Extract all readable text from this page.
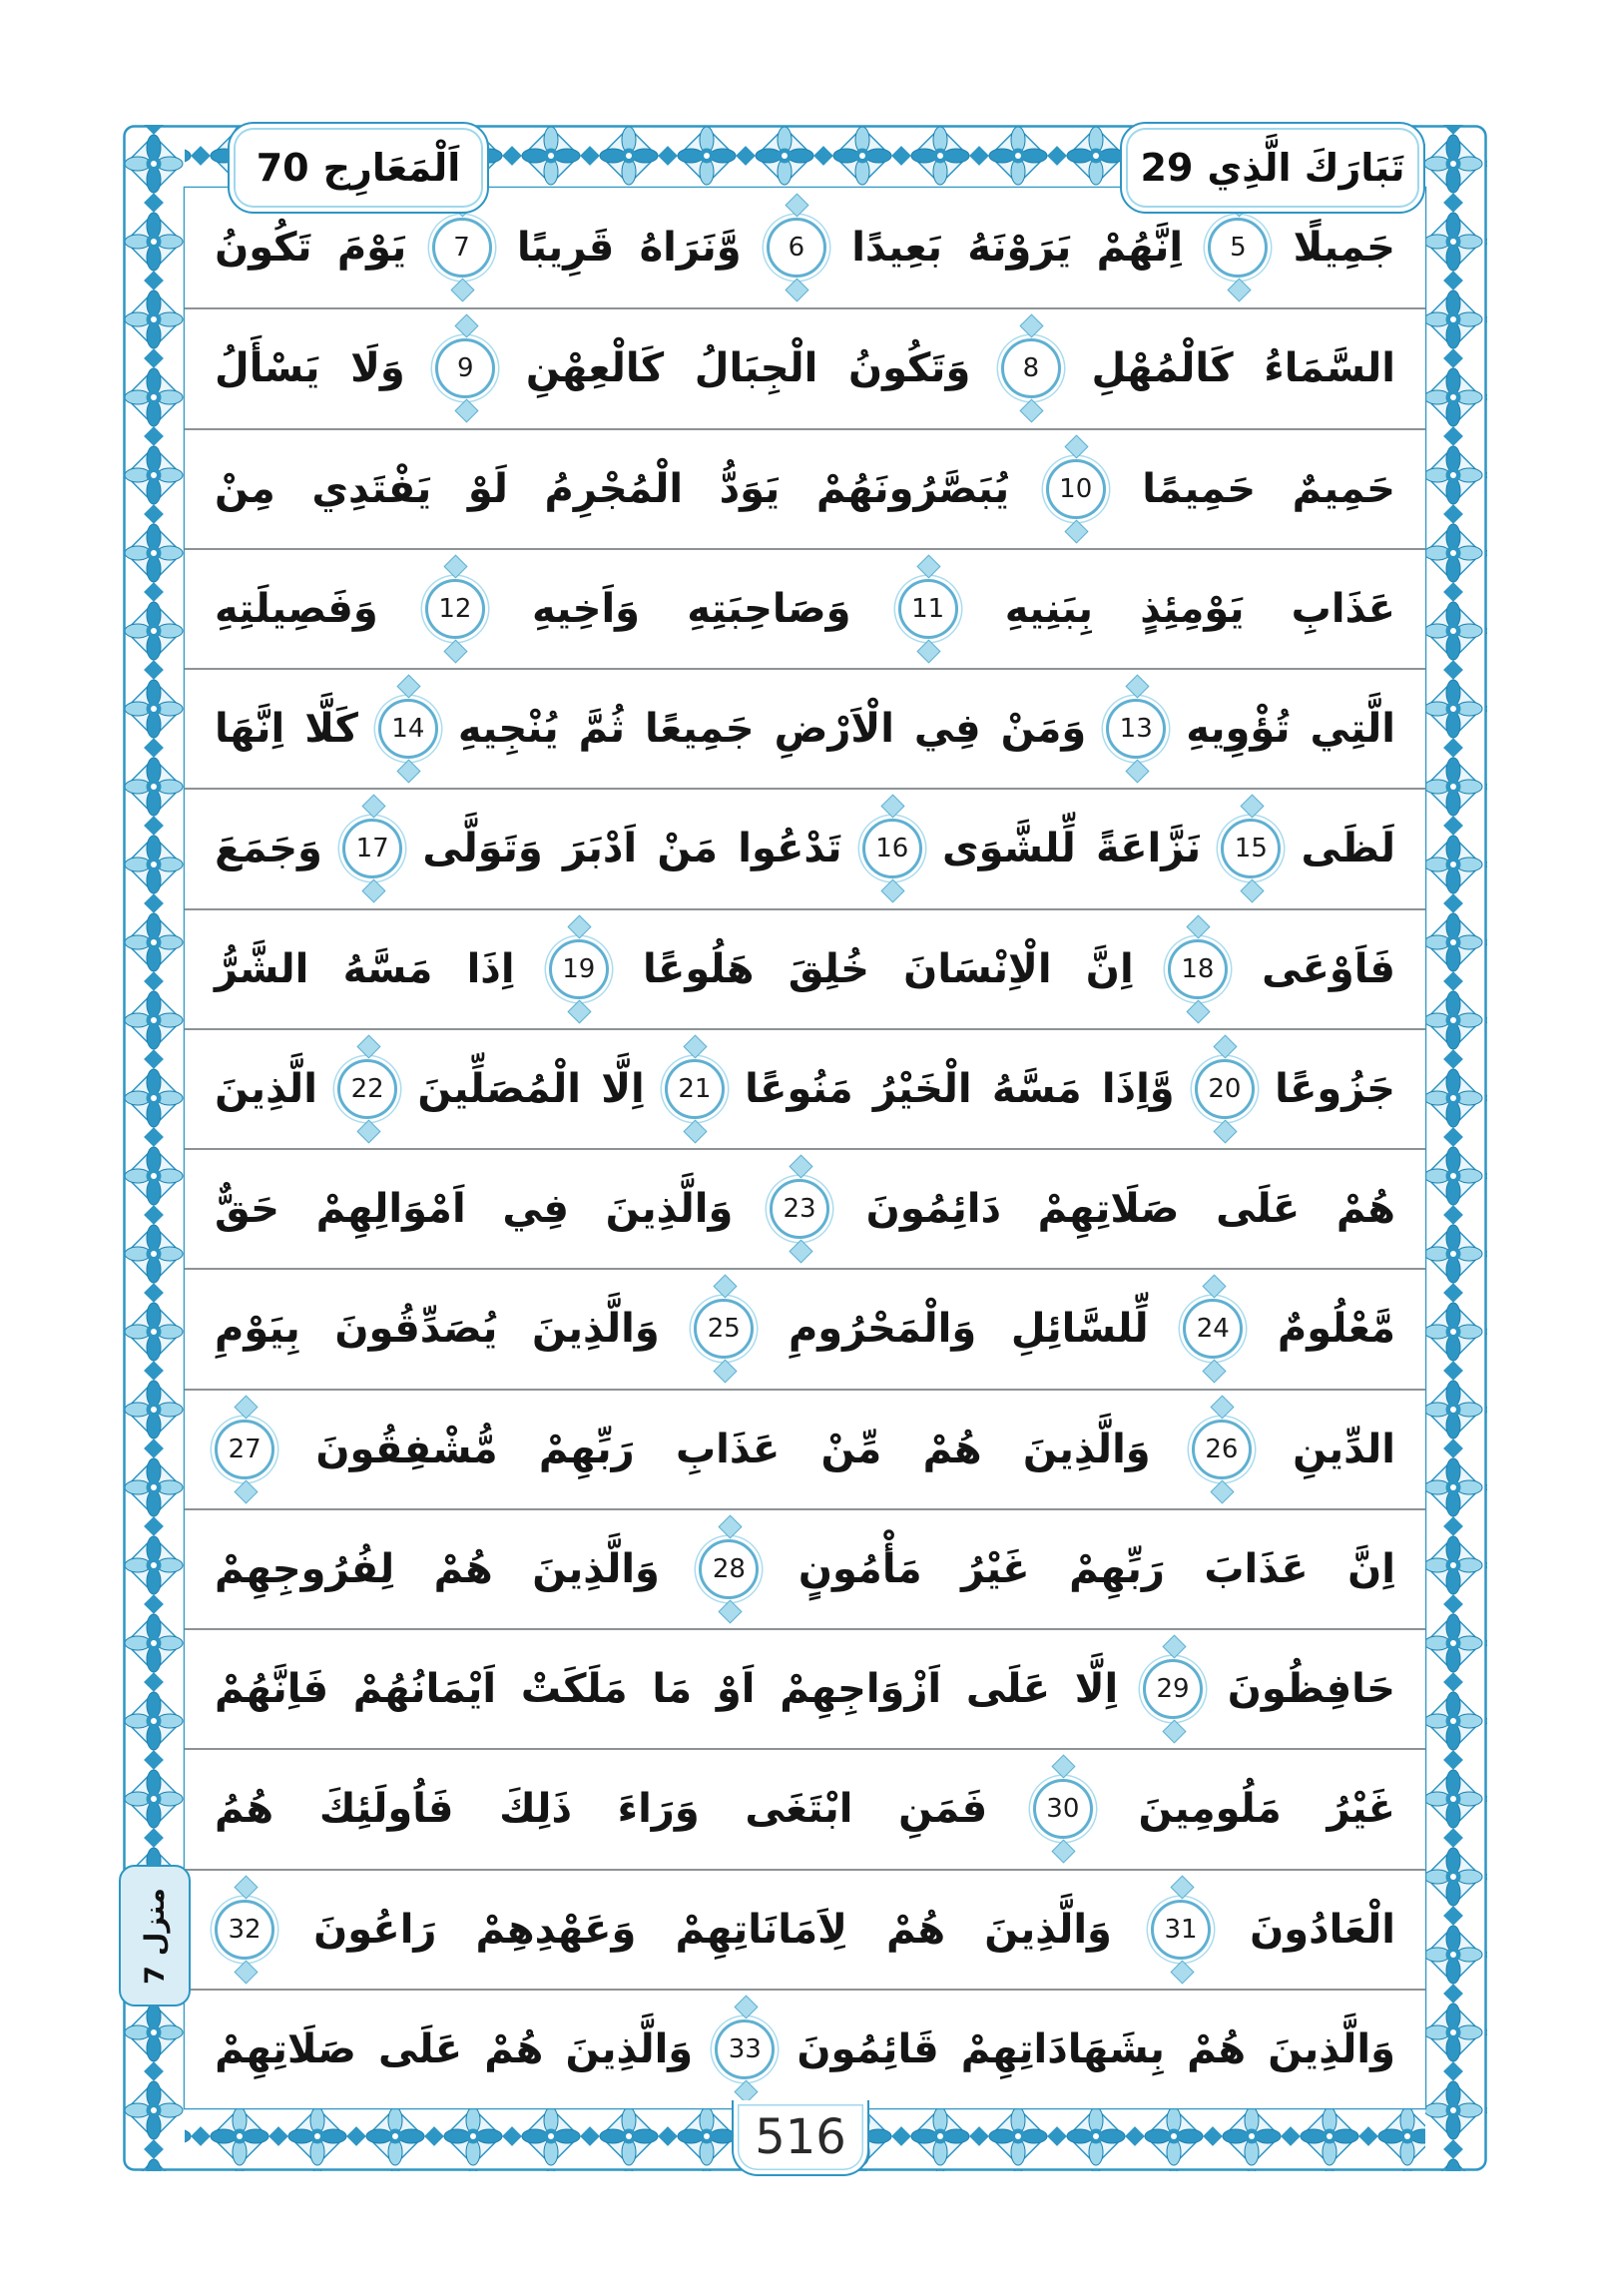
اَلْمَعَارِج
70	تَبَارَكَ الَّذِي
29
جَمِيلًا
5
اِنَّهُمْ
يَرَوْنَهُ
بَعِيدًا
6
وَّنَرَاهُ
قَرِيبًا
7
يَوْمَ
تَكُونُ
السَّمَاءُ
كَالْمُهْلِ
8
وَتَكُونُ
الْجِبَالُ
كَالْعِهْنِ
9
وَلَا
يَسْأَلُ
حَمِيمٌ
حَمِيمًا
10
يُبَصَّرُونَهُمْ
يَوَدُّ
الْمُجْرِمُ
لَوْ
يَفْتَدِي
مِنْ
عَذَابِ
يَوْمِئِذٍ
بِبَنِيهِ
11
وَصَاحِبَتِهِ
وَاَخِيهِ
12
وَفَصِيلَتِهِ
الَّتِي
تُؤْوِيهِ
13
وَمَنْ
فِي
الْاَرْضِ
جَمِيعًا
ثُمَّ
يُنْجِيهِ
14
كَلَّا
اِنَّهَا
لَظَى
15
نَزَّاعَةً
لِّلشَّوَى
16
تَدْعُوا
مَنْ
اَدْبَرَ
وَتَوَلَّى
17
وَجَمَعَ
فَاَوْعَى
18
اِنَّ
الْاِنْسَانَ
خُلِقَ
هَلُوعًا
19
اِذَا
مَسَّهُ
الشَّرُّ
جَزُوعًا
20
وَّاِذَا
مَسَّهُ
الْخَيْرُ
مَنُوعًا
21
اِلَّا
الْمُصَلِّينَ
22
الَّذِينَ
هُمْ
عَلَى
صَلَاتِهِمْ
دَائِمُونَ
23
وَالَّذِينَ
فِي
اَمْوَالِهِمْ
حَقٌّ
مَّعْلُومٌ
24
لِّلسَّائِلِ
وَالْمَحْرُومِ
25
وَالَّذِينَ
يُصَدِّقُونَ
بِيَوْمِ
الدِّينِ
26
وَالَّذِينَ
هُمْ
مِّنْ
عَذَابِ
رَبِّهِمْ
مُّشْفِقُونَ
27
اِنَّ
عَذَابَ
رَبِّهِمْ
غَيْرُ
مَأْمُونٍ
28
وَالَّذِينَ
هُمْ
لِفُرُوجِهِمْ
حَافِظُونَ
29
اِلَّا
عَلَى
اَزْوَاجِهِمْ
اَوْ
مَا
مَلَكَتْ
اَيْمَانُهُمْ
فَاِنَّهُمْ
غَيْرُ
مَلُومِينَ
30
فَمَنِ
ابْتَغَى
وَرَاءَ
ذَلِكَ
فَاُولَئِكَ
هُمُ
الْعَادُونَ
31
وَالَّذِينَ
هُمْ
لِاَمَانَاتِهِمْ
وَعَهْدِهِمْ
رَاعُونَ
32
وَالَّذِينَ
هُمْ
بِشَهَادَاتِهِمْ
قَائِمُونَ
33
وَالَّذِينَ
هُمْ
عَلَى
صَلَاتِهِمْ
منزل
7
516
